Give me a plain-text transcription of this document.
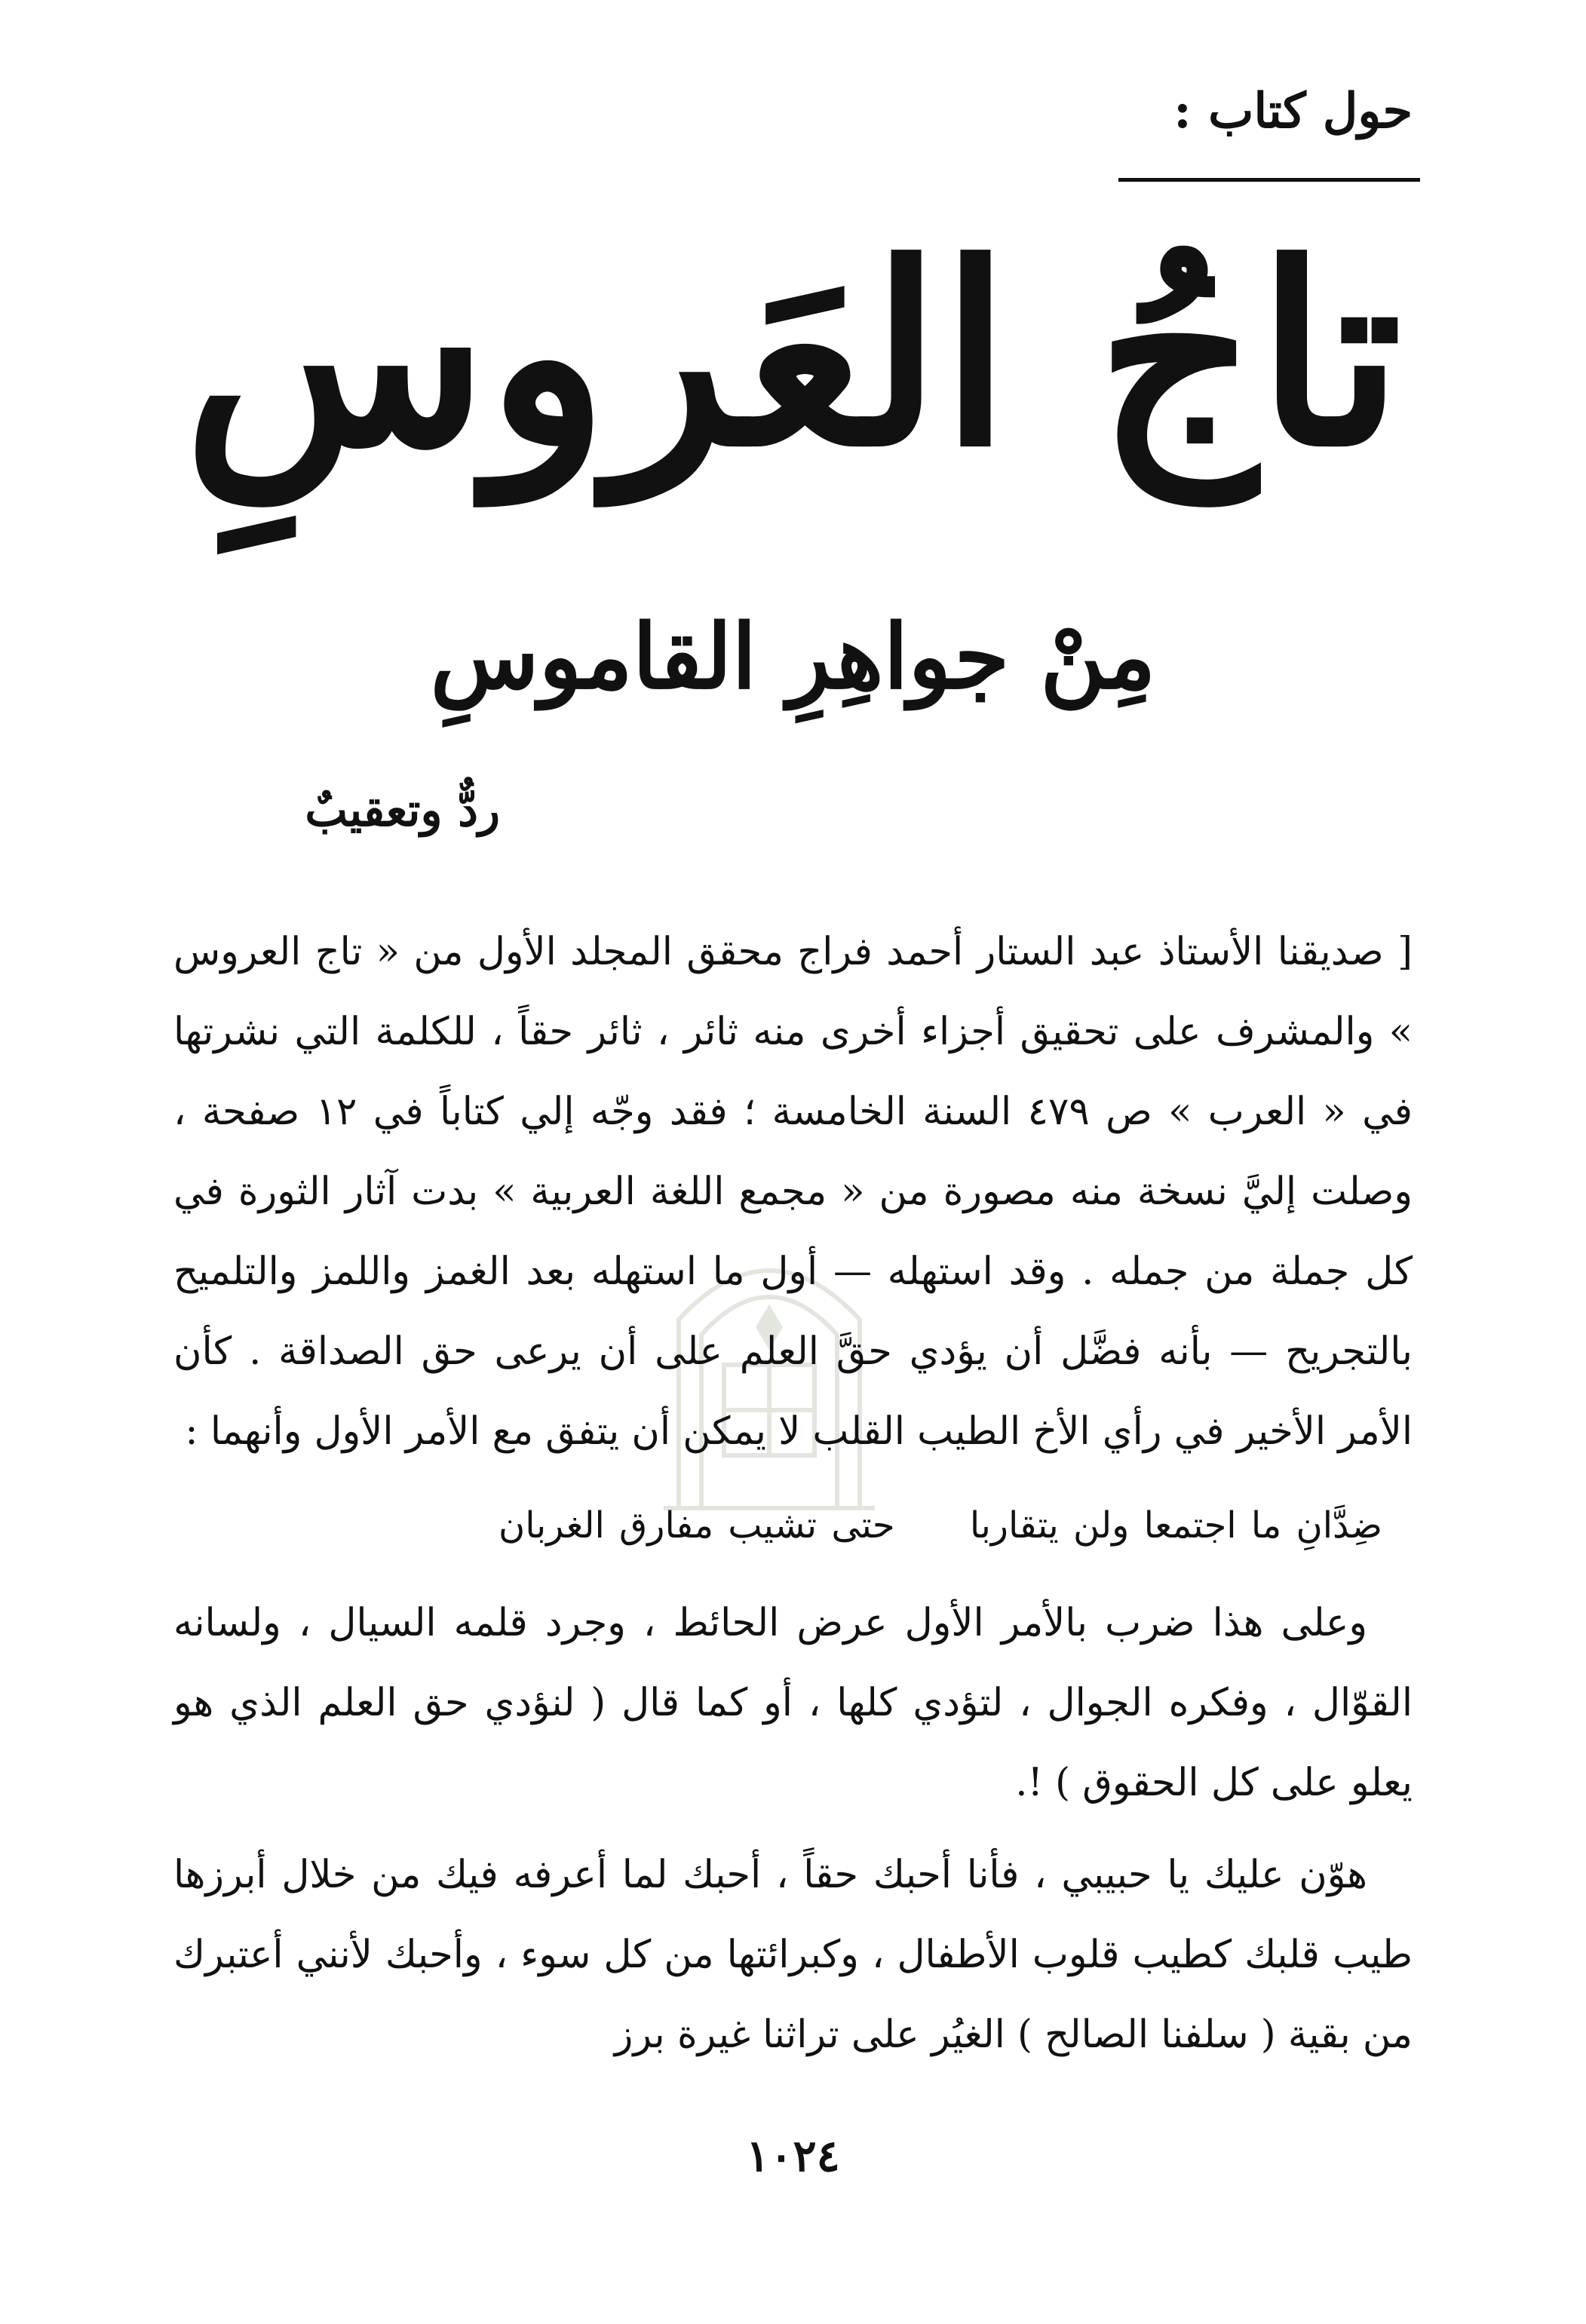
حول كتاب :
تاجُ العَروسِ
مِنْ جواهِرِ القاموسِ
ردٌّ وتعقيبٌ

[ صديقنا الأستاذ عبد الستار أحمد فراج محقق المجلد الأول من « تاج العروس » والمشرف على تحقيق أجزاء أخرى منه ثائر ، ثائر حقاً ، للكلمة التي نشرتها في « العرب » ص ٤٧٩ السنة الخامسة ؛ فقد وجّه إلي كتاباً في ١٢ صفحة ، وصلت إليَّ نسخة منه مصورة من « مجمع اللغة العربية » بدت آثار الثورة في كل جملة من جمله . وقد استهله — أول ما استهله بعد الغمز واللمز والتلميح بالتجريح — بأنه فضَّل أن يؤدي حقَّ العلم على أن يرعى حق الصداقة . كأن الأمر الأخير في رأي الأخ الطيب القلب لا يمكن أن يتفق مع الأمر الأول وأنهما :

ضِدَّانِ ما اجتمعا ولن يتقاربا حتى تشيب مفارق الغربان

وعلى هذا ضرب بالأمر الأول عرض الحائط ، وجرد قلمه السيال ، ولسانه القوّال ، وفكره الجوال ، لتؤدي كلها ، أو كما قال ( لنؤدي حق العلم الذي هو يعلو على كل الحقوق ) !.

هوّن عليك يا حبيبي ، فأنا أحبك حقاً ، أحبك لما أعرفه فيك من خلال أبرزها طيب قلبك كطيب قلوب الأطفال ، وكبرائتها من كل سوء ، وأحبك لأنني أعتبرك من بقية ( سلفنا الصالح ) الغيُر على تراثنا غيرة برز

١٠٢٤
